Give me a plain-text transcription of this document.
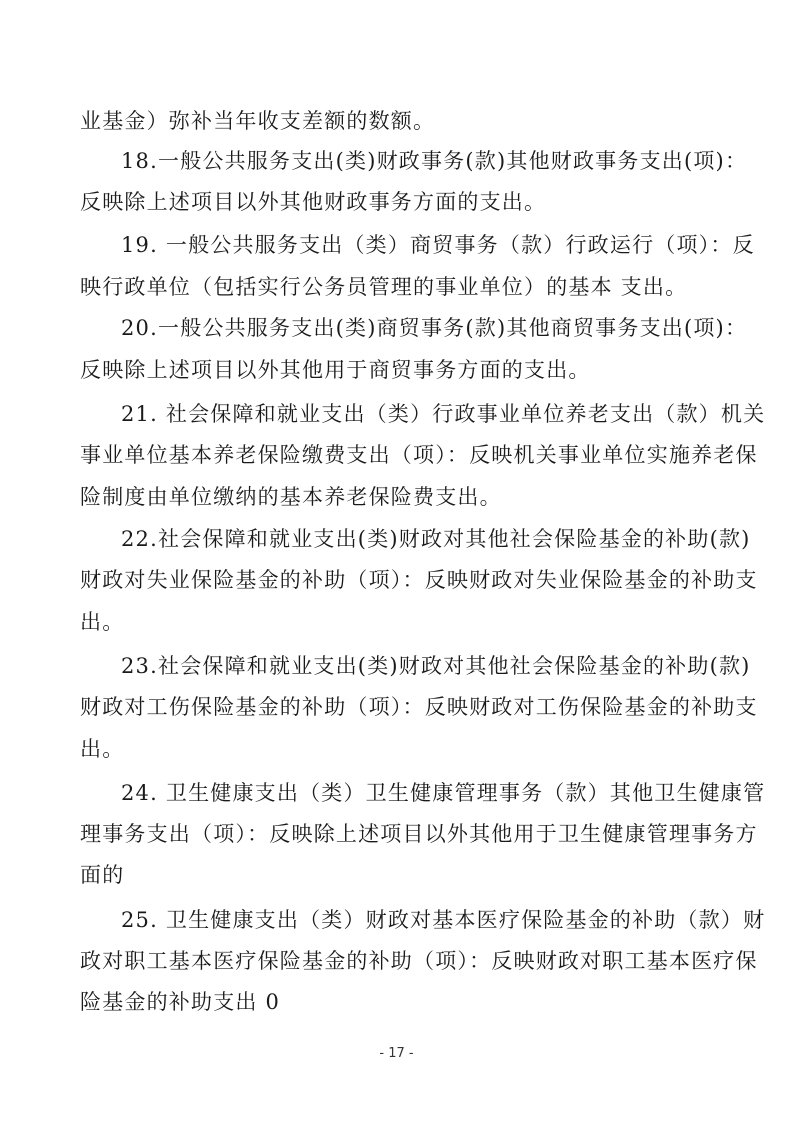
业基金）弥补当年收支差额的数额。
18.一般公共服务支出(类)财政事务(款)其他财政事务支出(项)：
反映除上述项目以外其他财政事务方面的支出。
19. 一般公共服务支出（类）商贸事务（款）行政运行（项）：反
映行政单位（包括实行公务员管理的事业单位）的基本 支出。
20.一般公共服务支出(类)商贸事务(款)其他商贸事务支出(项)：
反映除上述项目以外其他用于商贸事务方面的支出。
21. 社会保障和就业支出（类）行政事业单位养老支出（款）机关
事业单位基本养老保险缴费支出（项）：反映机关事业单位实施养老保
险制度由单位缴纳的基本养老保险费支出。
22.社会保障和就业支出(类)财政对其他社会保险基金的补助(款)
财政对失业保险基金的补助（项）：反映财政对失业保险基金的补助支
出。
23.社会保障和就业支出(类)财政对其他社会保险基金的补助(款)
财政对工伤保险基金的补助（项）：反映财政对工伤保险基金的补助支
出。
24. 卫生健康支出（类）卫生健康管理事务（款）其他卫生健康管
理事务支出（项）：反映除上述项目以外其他用于卫生健康管理事务方
面的
25. 卫生健康支出（类）财政对基本医疗保险基金的补助（款）财
政对职工基本医疗保险基金的补助（项）：反映财政对职工基本医疗保
险基金的补助支出 0
- 17 -
